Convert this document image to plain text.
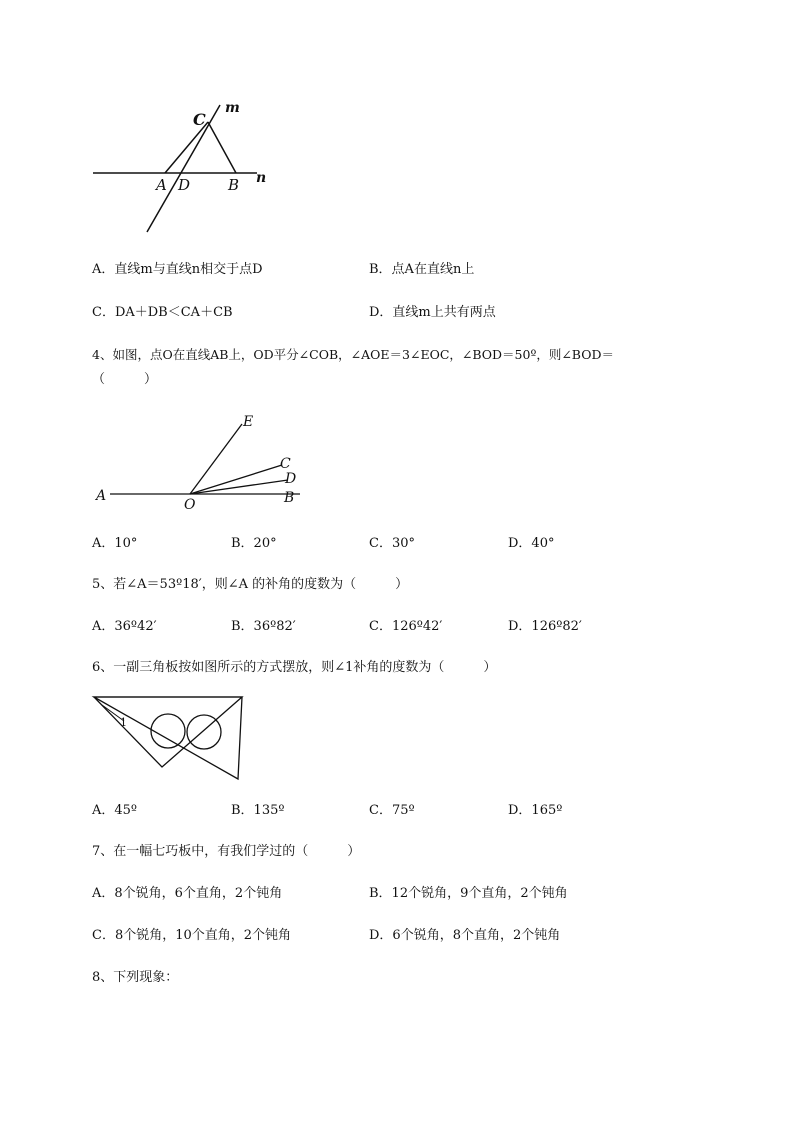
C
m
A D	B n
A．直线m与直线n相交于点D	B．点A在直线n上
C．DA＋DB＜CA＋CB	D．直线m上共有两点
4、如图，点O在直线AB上，OD平分∠COB，∠AOE＝3∠EOC，∠BOD＝50º，则∠BOD＝
（　　　）
E
C
D
A
O	B
A．10°	B．20°	C．30°	D．40°
5、若∠A＝53º18′，则∠A 的补角的度数为（　　　）
A．36º42′	B．36º82′	C．126º42′	D．126º82′
6、一副三角板按如图所示的方式摆放，则∠1补角的度数为（　　　）
1
A．45º	B．135º	C．75º	D．165º
7、在一幅七巧板中，有我们学过的（　　　）
A．8个锐角，6个直角，2个钝角	B．12个锐角，9个直角，2个钝角
C．8个锐角，10个直角，2个钝角	D．6个锐角，8个直角，2个钝角
8、下列现象：
